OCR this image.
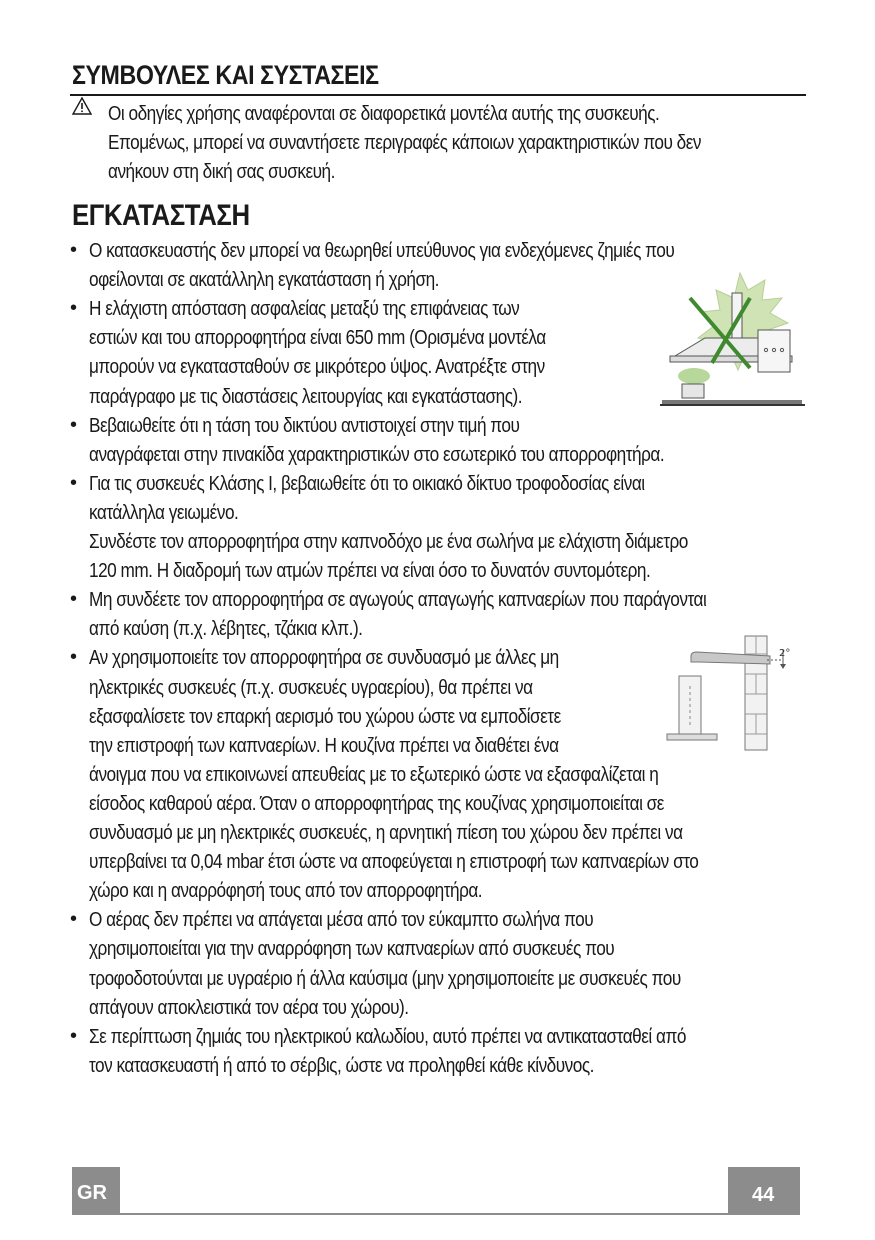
ΣΥΜΒΟΥΛΕΣ ΚΑΙ ΣΥΣΤΑΣΕΙΣ
Οι οδηγίες χρήσης αναφέρονται σε διαφορετικά μοντέλα αυτής της συσκευής.
Επομένως, μπορεί να συναντήσετε περιγραφές κάποιων χαρακτηριστικών που δεν
ανήκουν στη δική σας συσκευή.
ΕΓΚΑΤΑΣΤΑΣΗ
• Ο κατασκευαστής δεν μπορεί να θεωρηθεί υπεύθυνος για ενδεχόμενες ζημιές που
οφείλονται σε ακατάλληλη εγκατάσταση ή χρήση.
• Η ελάχιστη απόσταση ασφαλείας μεταξύ της επιφάνειας των
εστιών και του απορροφητήρα είναι 650 mm (Ορισμένα μοντέλα
μπορούν να εγκατασταθούν σε μικρότερο ύψος. Ανατρέξτε στην
παράγραφο με τις διαστάσεις λειτουργίας και εγκατάστασης).
• Βεβαιωθείτε ότι η τάση του δικτύου αντιστοιχεί στην τιμή που
αναγράφεται στην πινακίδα χαρακτηριστικών στο εσωτερικό του απορροφητήρα.
• Για τις συσκευές Κλάσης I, βεβαιωθείτε ότι το οικιακό δίκτυο τροφοδοσίας είναι
κατάλληλα γειωμένο.
Συνδέστε τον απορροφητήρα στην καπνοδόχο με ένα σωλήνα με ελάχιστη διάμετρο
120 mm. Η διαδρομή των ατμών πρέπει να είναι όσο το δυνατόν συντομότερη.
• Μη συνδέετε τον απορροφητήρα σε αγωγούς απαγωγής καπναερίων που παράγονται
από καύση (π.χ. λέβητες, τζάκια κλπ.).
• Αν χρησιμοποιείτε τον απορροφητήρα σε συνδυασμό με άλλες μη
ηλεκτρικές συσκευές (π.χ. συσκευές υγραερίου), θα πρέπει να
εξασφαλίσετε τον επαρκή αερισμό του χώρου ώστε να εμποδίσετε
την επιστροφή των καπναερίων. Η κουζίνα πρέπει να διαθέτει ένα
άνοιγμα που να επικοινωνεί απευθείας με το εξωτερικό ώστε να εξασφαλίζεται η
είσοδος καθαρού αέρα. Όταν ο απορροφητήρας της κουζίνας χρησιμοποιείται σε
συνδυασμό με μη ηλεκτρικές συσκευές, η αρνητική πίεση του χώρου δεν πρέπει να
υπερβαίνει τα 0,04 mbar έτσι ώστε να αποφεύγεται η επιστροφή των καπναερίων στο
χώρο και η αναρρόφησή τους από τον απορροφητήρα.
• Ο αέρας δεν πρέπει να απάγεται μέσα από τον εύκαμπτο σωλήνα που
χρησιμοποιείται για την αναρρόφηση των καπναερίων από συσκευές που
τροφοδοτούνται με υγραέριο ή άλλα καύσιμα (μην χρησιμοποιείτε με συσκευές που
απάγουν αποκλειστικά τον αέρα του χώρου).
• Σε περίπτωση ζημιάς του ηλεκτρικού καλωδίου, αυτό πρέπει να αντικατασταθεί από
τον κατασκευαστή ή από το σέρβις, ώστε να προληφθεί κάθε κίνδυνος.
2°
GR	44
